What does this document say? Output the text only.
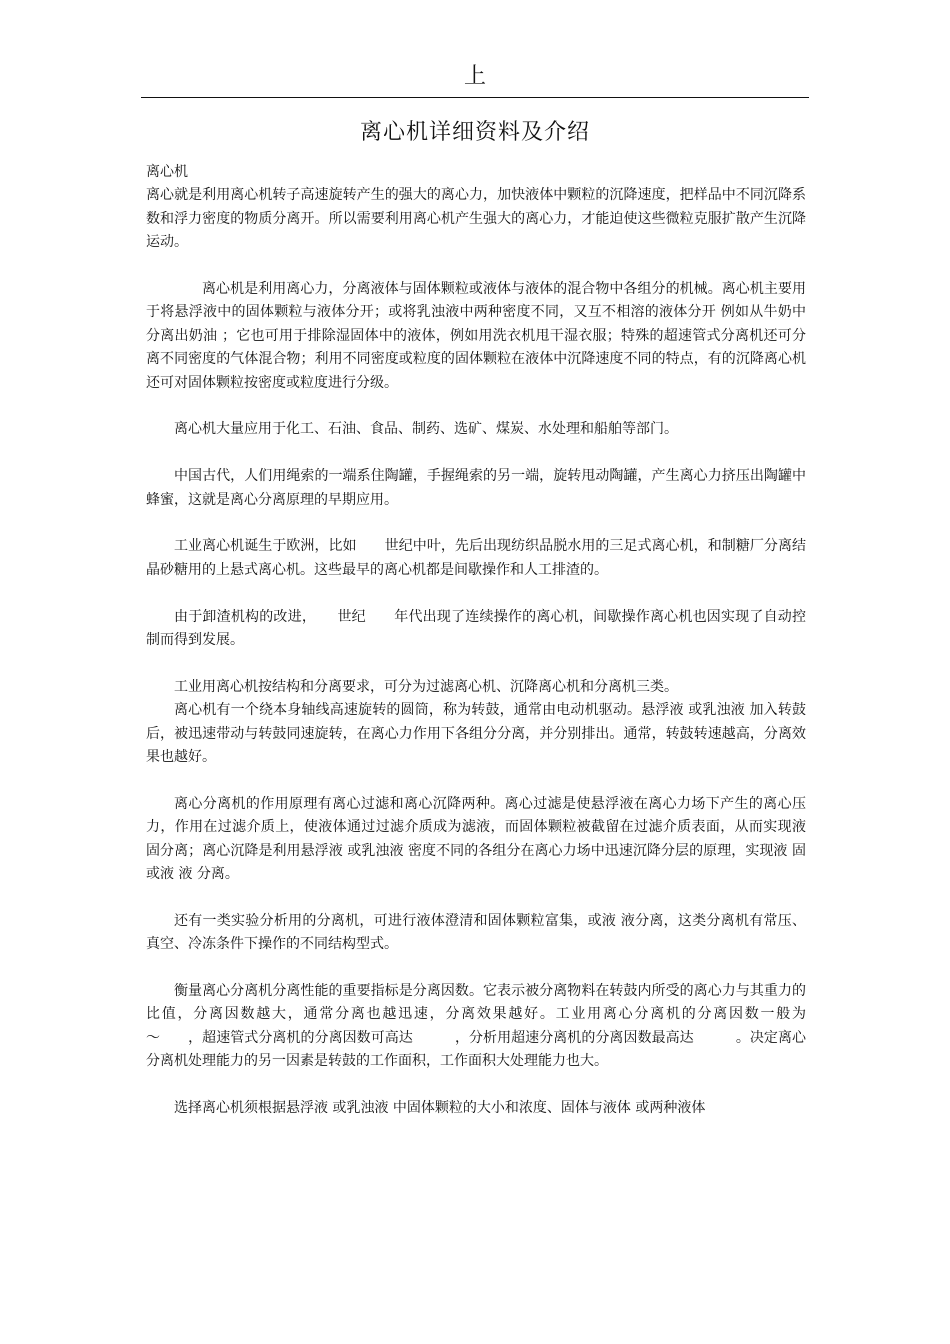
上
离心机详细资料及介绍

离心机

离心就是利用离心机转子高速旋转产生的强大的离心力，加快液体中颗粒的沉降速度，把样品中不同沉降系数和浮力密度的物质分离开。所以需要利用离心机产生强大的离心力，才能迫使这些微粒克服扩散产生沉降运动。

离心机是利用离心力，分离液体与固体颗粒或液体与液体的混合物中各组分的机械。离心机主要用于将悬浮液中的固体颗粒与液体分开；或将乳浊液中两种密度不同，又互不相溶的液体分开 例如从牛奶中分离出奶油 ；它也可用于排除湿固体中的液体，例如用洗衣机甩干湿衣服；特殊的超速管式分离机还可分离不同密度的气体混合物；利用不同密度或粒度的固体颗粒在液体中沉降速度不同的特点，有的沉降离心机还可对固体颗粒按密度或粒度进行分级。

离心机大量应用于化工、石油、食品、制药、选矿、煤炭、水处理和船舶等部门。

中国古代，人们用绳索的一端系住陶罐，手握绳索的另一端，旋转甩动陶罐，产生离心力挤压出陶罐中蜂蜜，这就是离心分离原理的早期应用。

工业离心机诞生于欧洲，比如　　世纪中叶，先后出现纺织品脱水用的三足式离心机，和制糖厂分离结晶砂糖用的上悬式离心机。这些最早的离心机都是间歇操作和人工排渣的。

由于卸渣机构的改进，　　世纪　　年代出现了连续操作的离心机，间歇操作离心机也因实现了自动控制而得到发展。

工业用离心机按结构和分离要求，可分为过滤离心机、沉降离心机和分离机三类。

离心机有一个绕本身轴线高速旋转的圆筒，称为转鼓，通常由电动机驱动。悬浮液 或乳浊液 加入转鼓后，被迅速带动与转鼓同速旋转，在离心力作用下各组分分离，并分别排出。通常，转鼓转速越高，分离效果也越好。

离心分离机的作用原理有离心过滤和离心沉降两种。离心过滤是使悬浮液在离心力场下产生的离心压力，作用在过滤介质上，使液体通过过滤介质成为滤液，而固体颗粒被截留在过滤介质表面，从而实现液 固分离；离心沉降是利用悬浮液 或乳浊液 密度不同的各组分在离心力场中迅速沉降分层的原理，实现液 固 或液 液 分离。

还有一类实验分析用的分离机，可进行液体澄清和固体颗粒富集，或液 液分离，这类分离机有常压、真空、冷冻条件下操作的不同结构型式。

衡量离心分离机分离性能的重要指标是分离因数。它表示被分离物料在转鼓内所受的离心力与其重力的比值，分离因数越大，通常分离也越迅速，分离效果越好。工业用离心分离机的分离因数一般为　　～　　，超速管式分离机的分离因数可高达　　　，分析用超速分离机的分离因数最高达　　　。决定离心分离机处理能力的另一因素是转鼓的工作面积，工作面积大处理能力也大。

选择离心机须根据悬浮液 或乳浊液 中固体颗粒的大小和浓度、固体与液体 或两种液体
